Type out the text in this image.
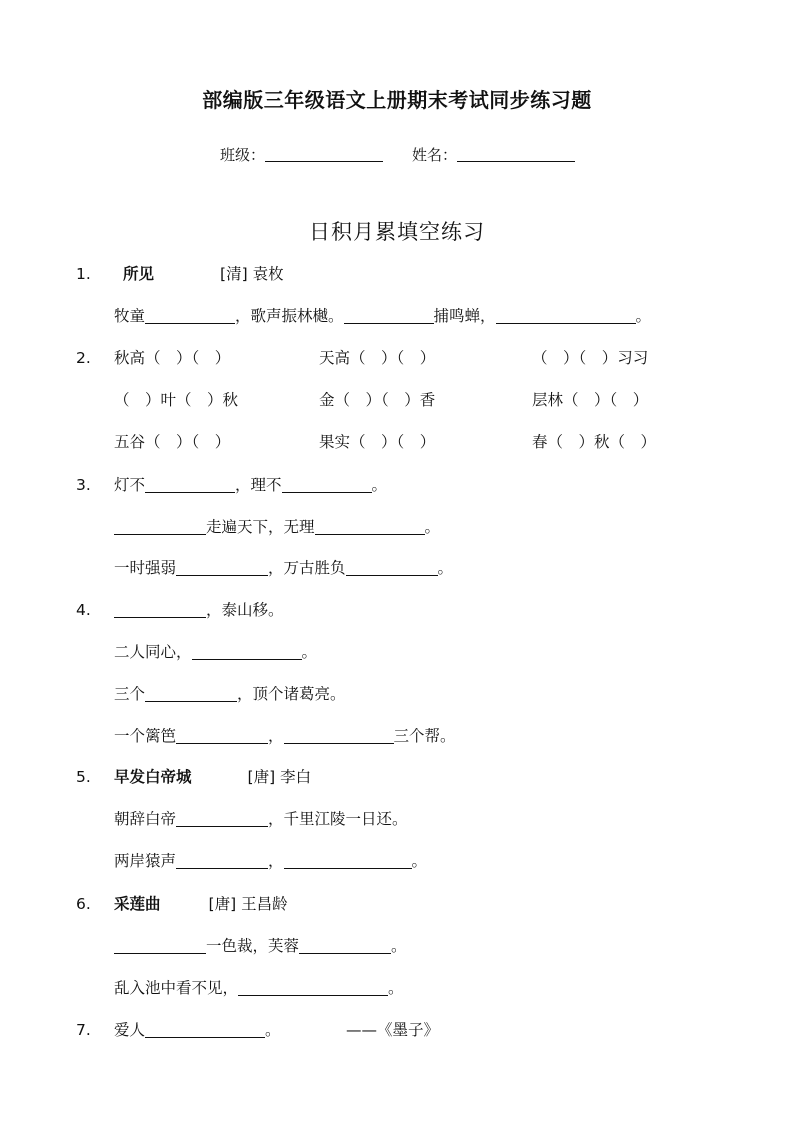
部编版三年级语文上册期末考试同步练习题
班级：	姓名：
日积月累填空练习
1. 所见	[清] 袁枚
牧童	，歌声振林樾。	捕鸣蝉，	。
2. 秋高（　）（　）	天高（　）（　）	（　）（　）习习
（　）叶（　）秋	金（　）（　）香	层林（　）（　）
五谷（　）（　）	果实（　）（　）	春（　）秋（　）
3. 灯不	，理不	。
走遍天下，无理	。
一时强弱	，万古胜负	。
4.	，泰山移。
二人同心，	。
三个	，顶个诸葛亮。
一个篱笆	，	三个帮。
5. 早发白帝城	[唐] 李白
朝辞白帝	，千里江陵一日还。
两岸猿声	，	。
6. 采莲曲	[唐] 王昌龄
一色裁，芙蓉	。
乱入池中看不见，	。
7. 爱人	。	——《墨子》
